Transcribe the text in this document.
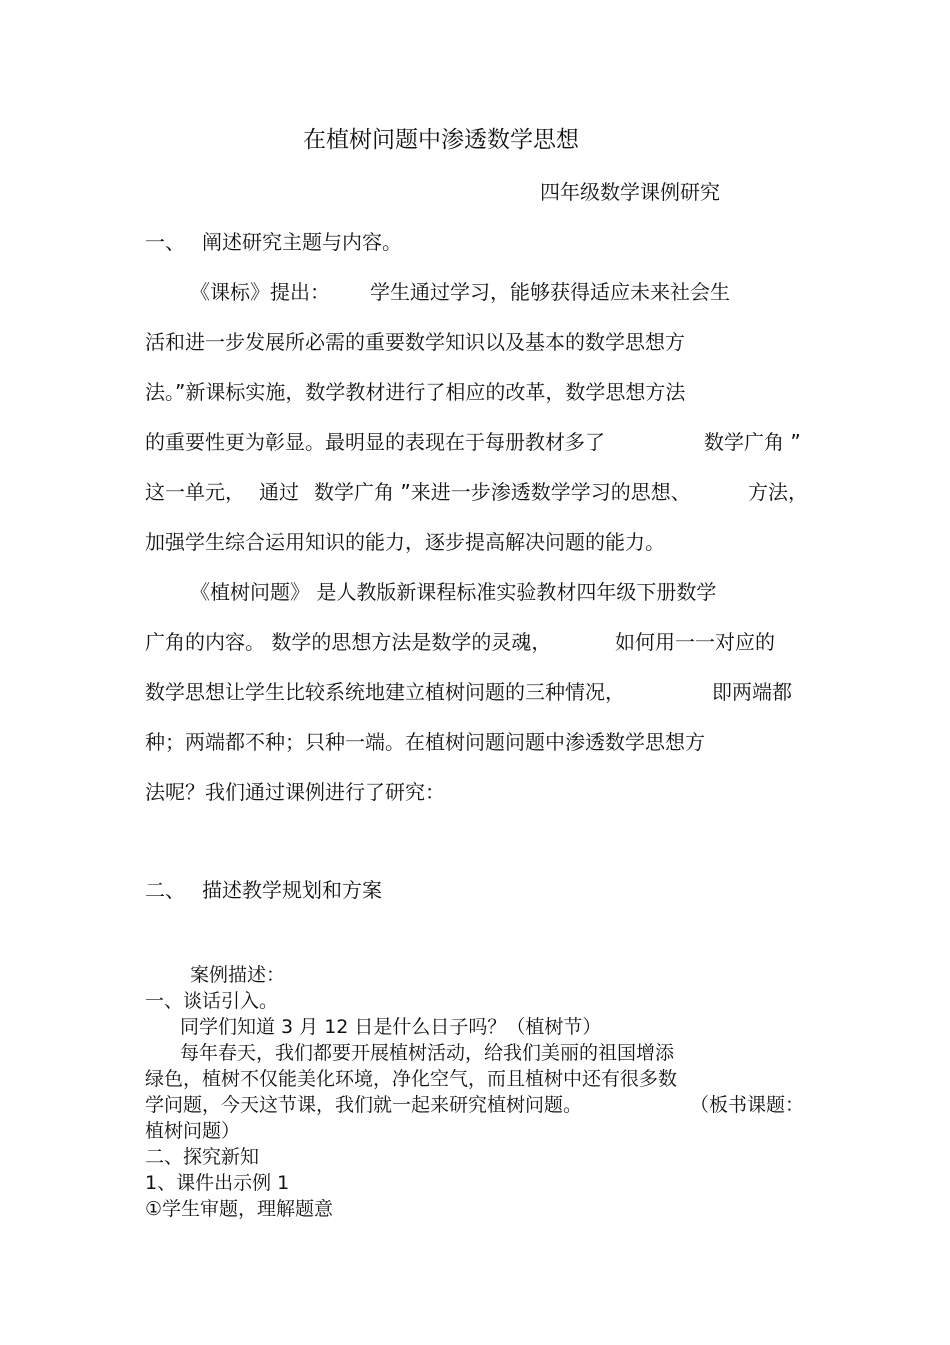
在植树问题中渗透数学思想
四年级数学课例研究
一、 阐述研究主题与内容。
《课标》提出： 学生通过学习，能够获得适应未来社会生
活和进一步发展所必需的重要数学知识以及基本的数学思想方
法。”新课标实施，数学教材进行了相应的改革，数学思想方法
的重要性更为彰显。最明显的表现在于每册教材多了	数学广角 ”
这一单元， 通过 数学广角 ”来进一步渗透数学学习的思想、	方法，
加强学生综合运用知识的能力，逐步提高解决问题的能力。
《植树问题》 是人教版新课程标准实验教材四年级下册数学
广角的内容。 数学的思想方法是数学的灵魂，	如何用一一对应的
数学思想让学生比较系统地建立植树问题的三种情况，	即两端都
种；两端都不种；只种一端。在植树问题问题中渗透数学思想方
法呢？我们通过课例进行了研究：
二、 描述教学规划和方案
案例描述：
一、谈话引入。
同学们知道 3 月 12 日是什么日子吗？（植树节）
每年春天，我们都要开展植树活动，给我们美丽的祖国增添
绿色，植树不仅能美化环境，净化空气，而且植树中还有很多数
学问题，今天这节课，我们就一起来研究植树问题。	（板书课题：
植树问题）
二、探究新知
1、课件出示例 1
①学生审题，理解题意
